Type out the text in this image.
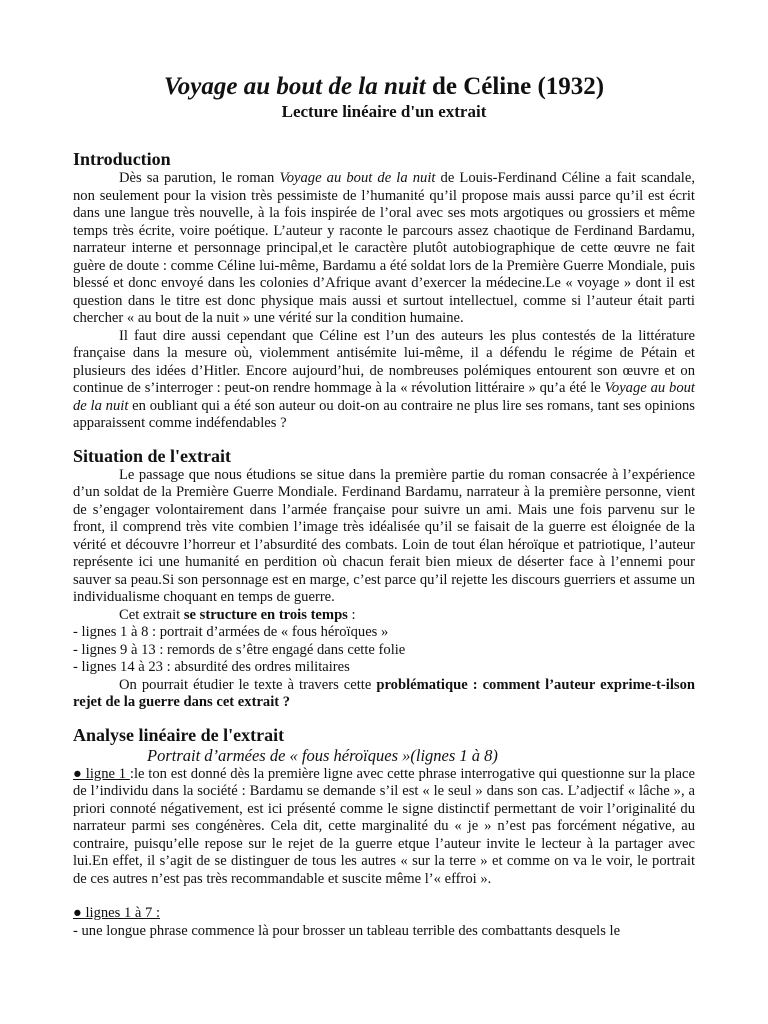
Voyage au bout de la nuit de Céline (1932)

Lecture linéaire d'un extrait

Introduction

Dès sa parution, le roman Voyage au bout de la nuit de Louis-Ferdinand Céline a fait scandale, non seulement pour la vision très pessimiste de l’humanité qu’il propose mais aussi parce qu’il est écrit dans une langue très nouvelle, à la fois inspirée de l’oral avec ses mots argotiques ou grossiers et même temps très écrite, voire poétique. L’auteur y raconte le parcours assez chaotique de Ferdinand Bardamu, narrateur interne et personnage principal,et le caractère plutôt autobiographique de cette œuvre ne fait guère de doute : comme Céline lui-même, Bardamu a été soldat lors de la Première Guerre Mondiale, puis blessé et donc envoyé dans les colonies d’Afrique avant d’exercer la médecine.Le « voyage » dont il est question dans le titre est donc physique mais aussi et surtout intellectuel, comme si l’auteur était parti chercher « au bout de la nuit » une vérité sur la condition humaine.

Il faut dire aussi cependant que Céline est l’un des auteurs les plus contestés de la littérature française dans la mesure où, violemment antisémite lui-même, il a défendu le régime de Pétain et plusieurs des idées d’Hitler. Encore aujourd’hui, de nombreuses polémiques entourent son œuvre et on continue de s’interroger : peut-on rendre hommage à la « révolution littéraire » qu’a été le Voyage au bout de la nuit en oubliant qui a été son auteur ou doit-on au contraire ne plus lire ses romans, tant ses opinions apparaissent comme indéfendables ?

Situation de l'extrait

Le passage que nous étudions se situe dans la première partie du roman consacrée à l’expérience d’un soldat de la Première Guerre Mondiale. Ferdinand Bardamu, narrateur à la première personne, vient de s’engager volontairement dans l’armée française pour suivre un ami. Mais une fois parvenu sur le front, il comprend très vite combien l’image très idéalisée qu’il se faisait de la guerre est éloignée de la vérité et découvre l’horreur et l’absurdité des combats. Loin de tout élan héroïque et patriotique, l’auteur représente ici une humanité en perdition où chacun ferait bien mieux de déserter face à l’ennemi pour sauver sa peau.Si son personnage est en marge, c’est parce qu’il rejette les discours guerriers et assume un individualisme choquant en temps de guerre.

Cet extrait se structure en trois temps :

- lignes 1 à 8 : portrait d’armées de « fous héroïques »
- lignes 9 à 13 : remords de s’être engagé dans cette folie
- lignes 14 à 23 : absurdité des ordres militaires

On pourrait étudier le texte à travers cette problématique : comment l’auteur exprime-t-ilson rejet de la guerre dans cet extrait ?

Analyse linéaire de l'extrait
Portrait d’armées de « fous héroïques »(lignes 1 à 8)

● ligne 1 :le ton est donné dès la première ligne avec cette phrase interrogative qui questionne sur la place de l’individu dans la société : Bardamu se demande s’il est « le seul » dans son cas. L’adjectif « lâche », a priori connoté négativement, est ici présenté comme le signe distinctif permettant de voir l’originalité du narrateur parmi ses congénères. Cela dit, cette marginalité du « je » n’est pas forcément négative, au contraire, puisqu’elle repose sur le rejet de la guerre etque l’auteur invite le lecteur à la partager avec lui.En effet, il s’agit de se distinguer de tous les autres « sur la terre » et comme on va le voir, le portrait de ces autres n’est pas très recommandable et suscite même l’« effroi ».

● lignes 1 à 7 :

- une longue phrase commence là pour brosser un tableau terrible des combattants desquels le
